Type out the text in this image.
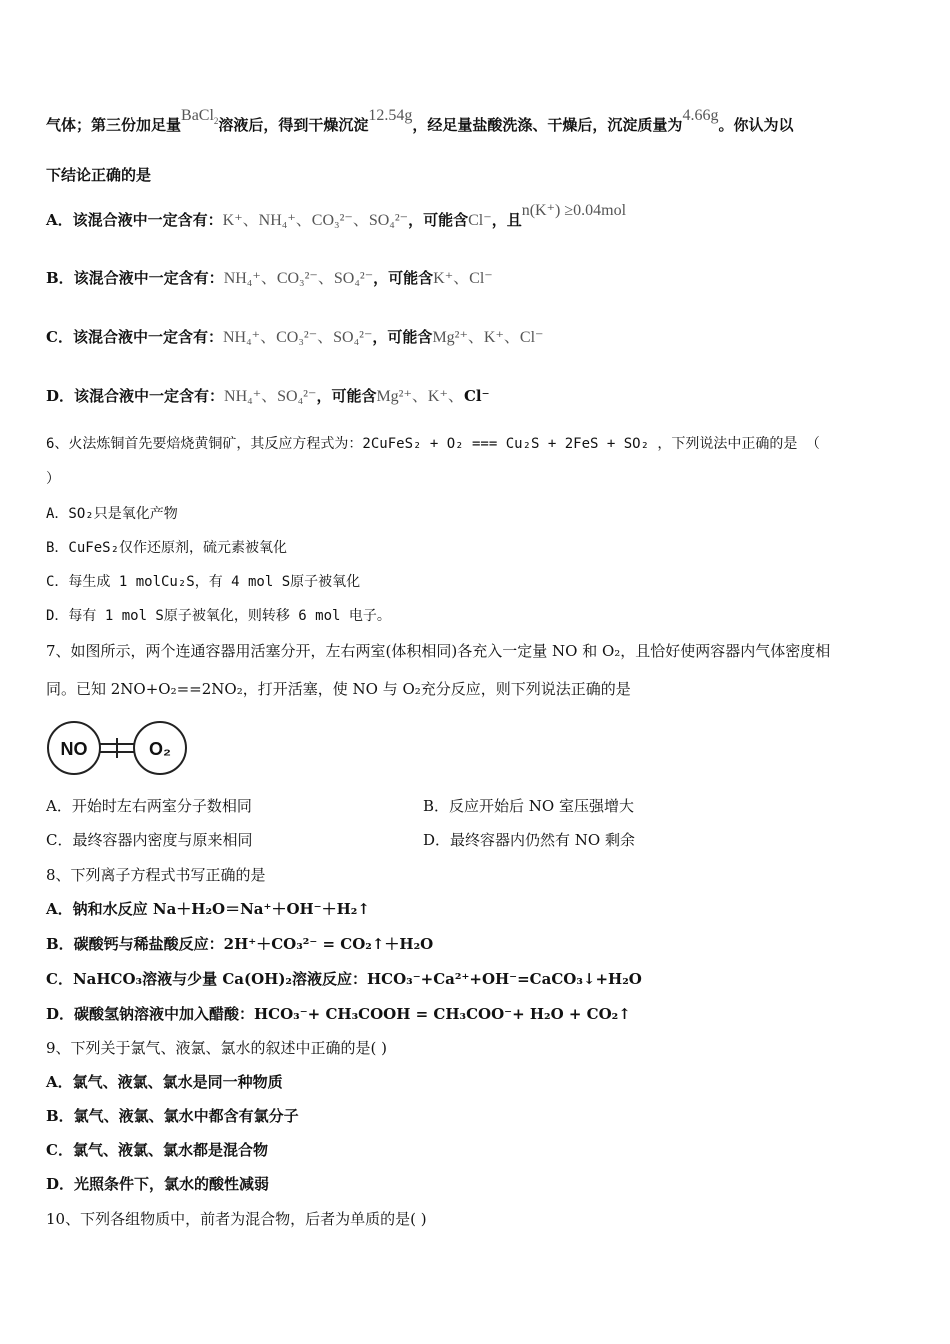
气体；第三份加足量BaCl$_2$溶液后，得到干燥沉淀12.54g，经足量盐酸洗涤、干燥后，沉淀质量为4.66g。你认为以
下结论正确的是
A．该混合液中一定含有：K⁺、NH₄⁺、CO₃²⁻、SO₄²⁻，可能含Cl⁻，且n(K⁺) ≥0.04mol
B．该混合液中一定含有：NH₄⁺、CO₃²⁻、SO₄²⁻，可能含K⁺、Cl⁻
C．该混合液中一定含有：NH₄⁺、CO₃²⁻、SO₄²⁻，可能含Mg²⁺、K⁺、Cl⁻
D．该混合液中一定含有：NH₄⁺、SO₄²⁻，可能含Mg²⁺、K⁺、Cl⁻
6、火法炼铜首先要焙烧黄铜矿，其反应方程式为：2CuFeS₂ + O₂ === Cu₂S + 2FeS + SO₂ ，下列说法中正确的是 （
）
A．SO₂只是氧化产物
B．CuFeS₂仅作还原剂，硫元素被氧化
C．每生成 1 molCu₂S，有 4 mol S原子被氧化
D．每有 1 mol S原子被氧化，则转移 6 mol 电子。
7、如图所示，两个连通容器用活塞分开，左右两室(体积相同)各充入一定量 NO 和 O₂，且恰好使两容器内气体密度相
同。已知 2NO+O₂==2NO₂，打开活塞，使 NO 与 O₂充分反应，则下列说法正确的是
NO	O₂
A．开始时左右两室分子数相同	B．反应开始后 NO 室压强增大
C．最终容器内密度与原来相同	D．最终容器内仍然有 NO 剩余
8、下列离子方程式书写正确的是
A．钠和水反应 Na＋H₂O＝Na⁺＋OH⁻＋H₂↑
B．碳酸钙与稀盐酸反应：2H⁺＋CO₃²⁻ = CO₂↑＋H₂O
C．NaHCO₃溶液与少量 Ca(OH)₂溶液反应：HCO₃⁻+Ca²⁺+OH⁻=CaCO₃↓+H₂O
D．碳酸氢钠溶液中加入醋酸：HCO₃⁻+ CH₃COOH = CH₃COO⁻+ H₂O + CO₂↑
9、下列关于氯气、液氯、氯水的叙述中正确的是( )
A．氯气、液氯、氯水是同一种物质
B．氯气、液氯、氯水中都含有氯分子
C．氯气、液氯、氯水都是混合物
D．光照条件下，氯水的酸性减弱
10、下列各组物质中，前者为混合物，后者为单质的是( )
